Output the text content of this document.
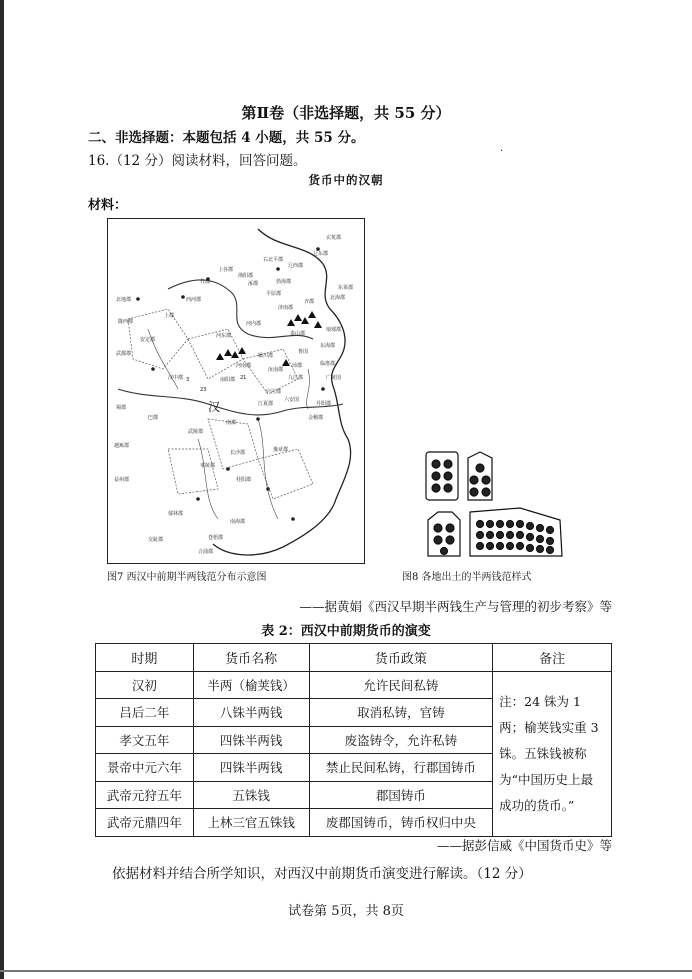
第Ⅱ卷（非选择题，共 55 分）
二、非选择题：本题包括 4 小题，共 55 分。
16.（12 分）阅读材料，回答问题。
·
货币中的汉朝
材料：
汉
玄菟郡
辽东郡
辽西郡
右北平郡
上谷郡
渔阳郡
代郡
西河郡
上郡
安定郡
北地郡
陇西郡
武都郡
汉中郡
南郡
长沙郡	豫章郡
会稽郡
桂阳郡
南海郡
巴郡
蜀郡
越嶲郡
益州郡
零陵郡
武陵郡
庐江郡
九江郡
丹阳郡
东海郡
琅邪郡
齐郡
北海郡
东莱郡
泰山郡
济南郡
平原郡
勃海郡
涿郡
河东郡
河内郡
河南郡
颍川郡
汝南郡
南阳郡
江夏郡
六安国
鲁国
沛郡	临淮郡
广陵国
苍梧郡
郁林郡
合浦郡
交趾郡
3
23
21
图7 西汉中前期半两钱范分布示意图	图8 各地出土的半两钱范样式
——据黄娟《西汉早期半两钱生产与管理的初步考察》等
表 2：西汉中前期货币的演变
时期	货币名称	货币政策	备注
汉初	半两（榆荚钱）	允许民间私铸	注：24 铢为 1 两；榆荚钱实重 3 铢。五铢钱被称为“中国历史上最成功的货币。”
吕后二年	八铢半两钱	取消私铸，官铸	
孝文五年	四铢半两钱	废盗铸令，允许私铸	
景帝中元六年	四铢半两钱	禁止民间私铸，行郡国铸币	
武帝元狩五年	五铢钱	郡国铸币	
武帝元鼎四年	上林三官五铢钱	废郡国铸币，铸币权归中央	
——据彭信威《中国货币史》等
依据材料并结合所学知识，对西汉中前期货币演变进行解读。（12 分）
试卷第 5页，共 8页
